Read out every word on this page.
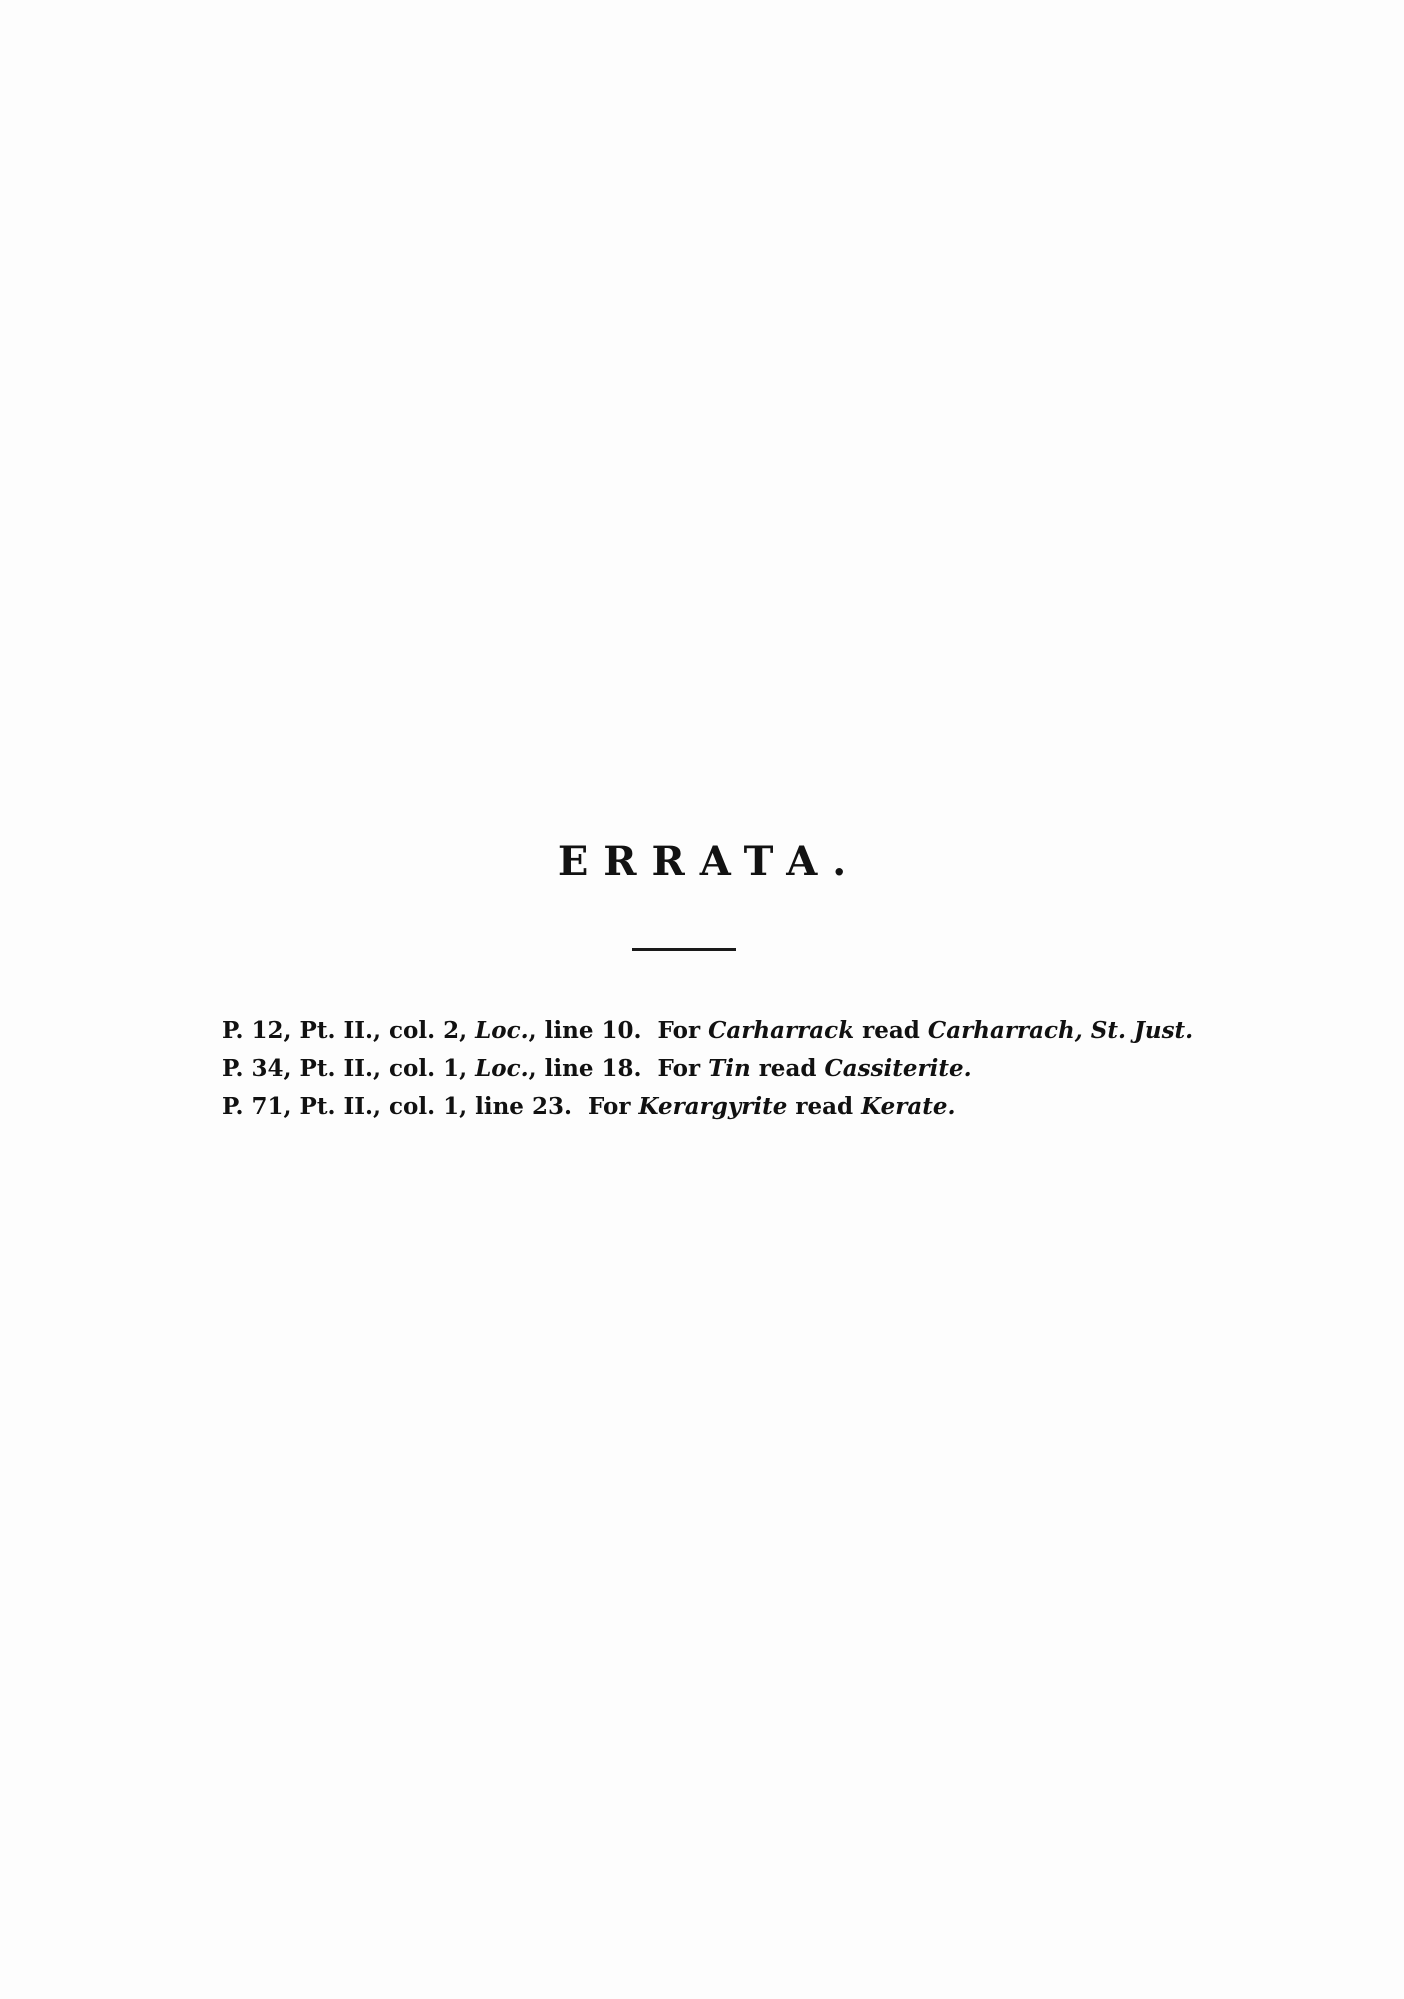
ERRATA.
P. 12, Pt. II., col. 2, Loc., line 10. For Carharrack read Carharrach, St. Just.
P. 34, Pt. II., col. 1, Loc., line 18. For Tin read Cassiterite.
P. 71, Pt. II., col. 1, line 23. For Kerargyrite read Kerate.
